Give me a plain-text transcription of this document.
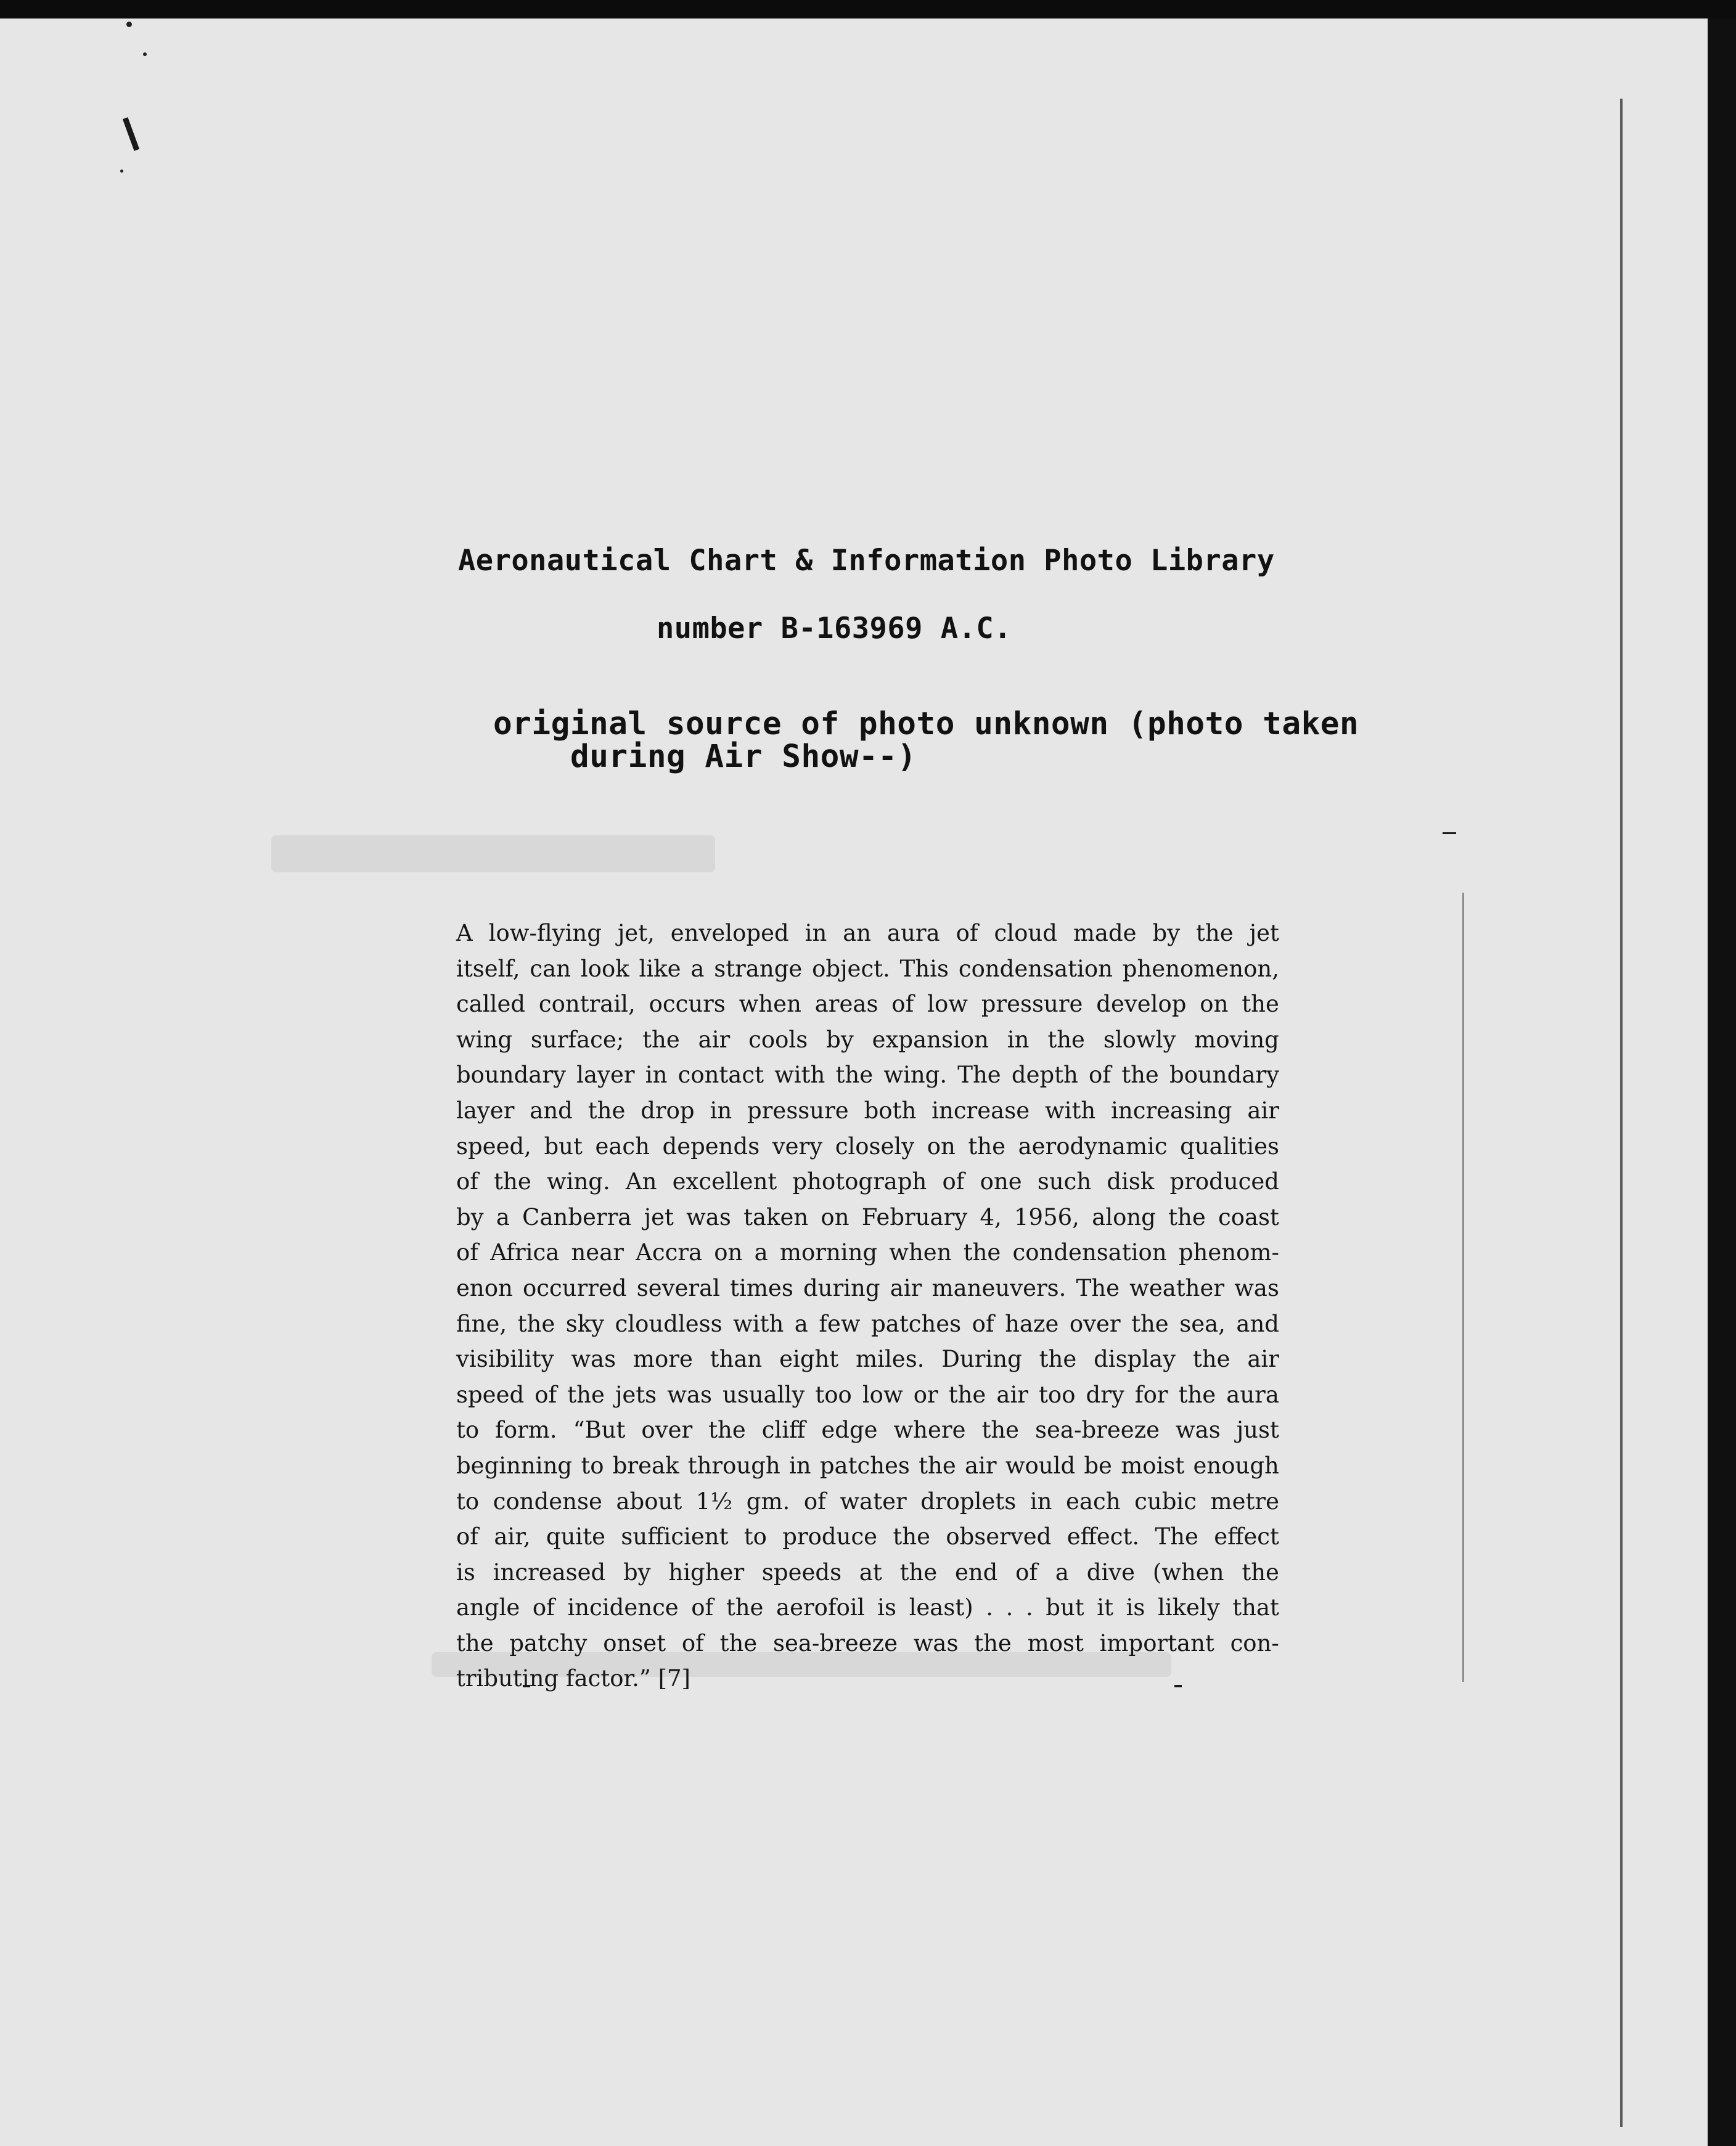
Aeronautical Chart & Information Photo Library
number B-163969 A.C.
original source of photo unknown (photo taken
during Air Show--)
A low-flying jet, enveloped in an aura of cloud made by the jet
itself, can look like a strange object. This condensation phenomenon,
called contrail, occurs when areas of low pressure develop on the
wing surface; the air cools by expansion in the slowly moving
boundary layer in contact with the wing. The depth of the boundary
layer and the drop in pressure both increase with increasing air
speed, but each depends very closely on the aerodynamic qualities
of the wing. An excellent photograph of one such disk produced
by a Canberra jet was taken on February 4, 1956, along the coast
of Africa near Accra on a morning when the condensation phenom-
enon occurred several times during air maneuvers. The weather was
fine, the sky cloudless with a few patches of haze over the sea, and
visibility was more than eight miles. During the display the air
speed of the jets was usually too low or the air too dry for the aura
to form. “But over the cliff edge where the sea-breeze was just
beginning to break through in patches the air would be moist enough
to condense about 1½ gm. of water droplets in each cubic metre
of air, quite sufficient to produce the observed effect. The effect
is increased by higher speeds at the end of a dive (when the
angle of incidence of the aerofoil is least) . . . but it is likely that
the patchy onset of the sea-breeze was the most important con-
tributing factor.” [7]
